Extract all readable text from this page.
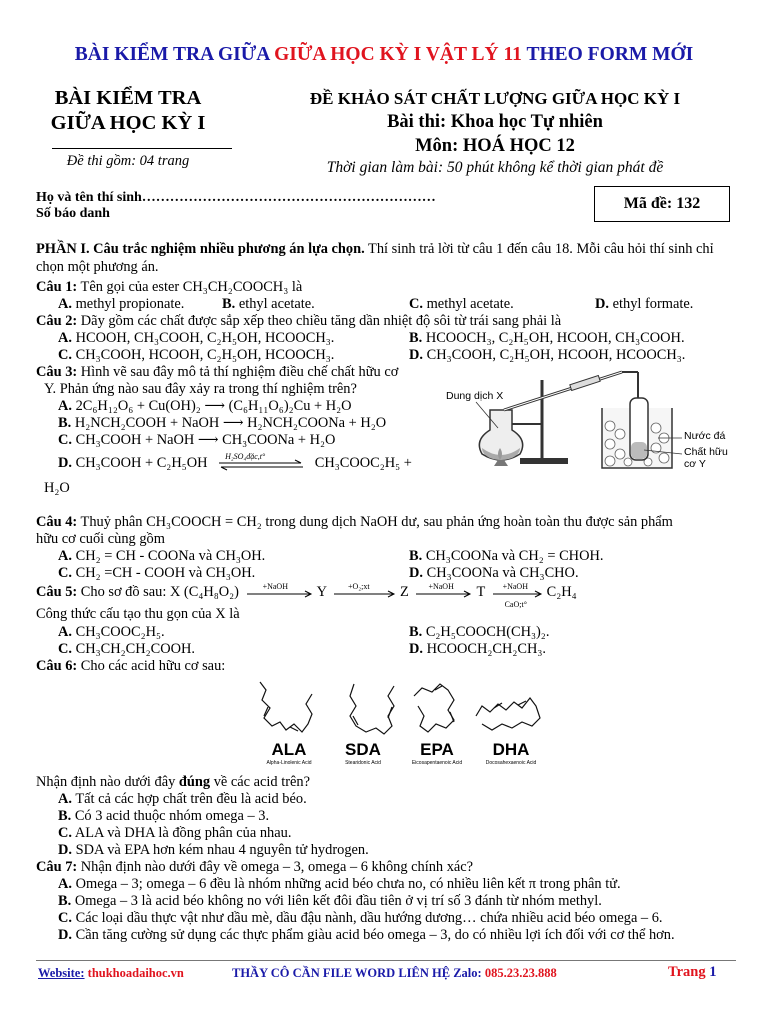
BÀI KIỂM TRA GIỮA GIỮA HỌC KỲ I VẬT LÝ 11 THEO FORM MỚI
BÀI KIỂM TRA
GIỮA HỌC KỲ I
Đề thi gồm: 04 trang
ĐỀ KHẢO SÁT CHẤT LƯỢNG GIỮA HỌC KỲ I
Bài thi: Khoa học Tự nhiên
Môn: HOÁ HỌC 12
Thời gian làm bài: 50 phút không kể thời gian phát đề
Họ và tên thí sinh………………………………………………………
Số báo danh
Mã đề: 132
PHẦN I. Câu trắc nghiệm nhiều phương án lựa chọn. Thí sinh trả lời từ câu 1 đến câu 18. Mỗi câu hỏi thí sinh chỉ chọn một phương án.
Câu 1: Tên gọi của ester CH₃CH₂COOCH₃ là
A. methyl propionate.	B. ethyl acetate.	C. methyl acetate.	D. ethyl formate.
Câu 2: Dãy gồm các chất được sắp xếp theo chiều tăng dần nhiệt độ sôi từ trái sang phải là
A. HCOOH, CH₃COOH, C₂H₅OH, HCOOCH₃.	B. HCOOCH₃, C₂H₅OH, HCOOH, CH₃COOH.
C. CH₃COOH, HCOOH, C₂H₅OH, HCOOCH₃.	D. CH₃COOH, C₂H₅OH, HCOOH, HCOOCH₃.
Câu 3: Hình vẽ sau đây mô tả thí nghiệm điều chế chất hữu cơ
Y. Phản ứng nào sau đây xảy ra trong thí nghiệm trên?
A. 2C₆H₁₂O₆ + Cu(OH)₂ ⟶ (C₆H₁₁O₆)₂Cu + H₂O
B. H₂NCH₂COOH + NaOH ⟶ H₂NCH₂COONa + H₂O
C. CH₃COOH + NaOH ⟶ CH₃COONa + H₂O
D. CH₃COOH + C₂H₅OH H₂SO₄đặc,t°	CH₃COOC₂H₅ +
H₂O
Dung dịch X
Nước đá
Chất hữu cơ Y
Câu 4: Thuỷ phân CH₃COOCH = CH₂ trong dung dịch NaOH dư, sau phản ứng hoàn toàn thu được sản phẩm
hữu cơ cuối cùng gồm
A. CH₂ = CH - COONa và CH₃OH.	B. CH₃COONa và CH₂ = CHOH.
C. CH₂ =CH - COOH và CH₃OH.	D. CH₃COONa và CH₃CHO.
Câu 5: Cho sơ đồ sau: X (C₄H₈O₂)	+NaOH Y	+O₂;xt Z +NaOH T +NaOH
CaO;t°
C₂H₄
Công thức cấu tạo thu gọn của X là
A. CH₃COOC₂H₅.	B. C₂H₅COOCH(CH₃)₂.
C. CH₃CH₂CH₂COOH.	D. HCOOCH₂CH₂CH₃.
Câu 6: Cho các acid hữu cơ sau:
ALA
Alpha-Linolenic Acid
SDA
Stearidonic Acid
EPA
Eicosapentaenoic Acid
DHA
Docosahexaenoic Acid
Nhận định nào dưới đây đúng về các acid trên?
A. Tất cả các hợp chất trên đều là acid béo.
B. Có 3 acid thuộc nhóm omega – 3.
C. ALA và DHA là đồng phân của nhau.
D. SDA và EPA hơn kém nhau 4 nguyên tử hydrogen.
Câu 7: Nhận định nào dưới đây về omega – 3, omega – 6 không chính xác?
A. Omega – 3; omega – 6 đều là nhóm những acid béo chưa no, có nhiều liên kết π trong phân tử.
B. Omega – 3 là acid béo không no với liên kết đôi đầu tiên ở vị trí số 3 đánh từ nhóm methyl.
C. Các loại dầu thực vật như dầu mè, dầu đậu nành, dầu hướng dương… chứa nhiều acid béo omega – 6.
D. Cần tăng cường sử dụng các thực phẩm giàu acid béo omega – 3, do có nhiều lợi ích đối với cơ thể hơn.
Website: thukhoadaihoc.vn	THẦY CÔ CẦN FILE WORD LIÊN HỆ Zalo: 085.23.23.888	Trang 1
